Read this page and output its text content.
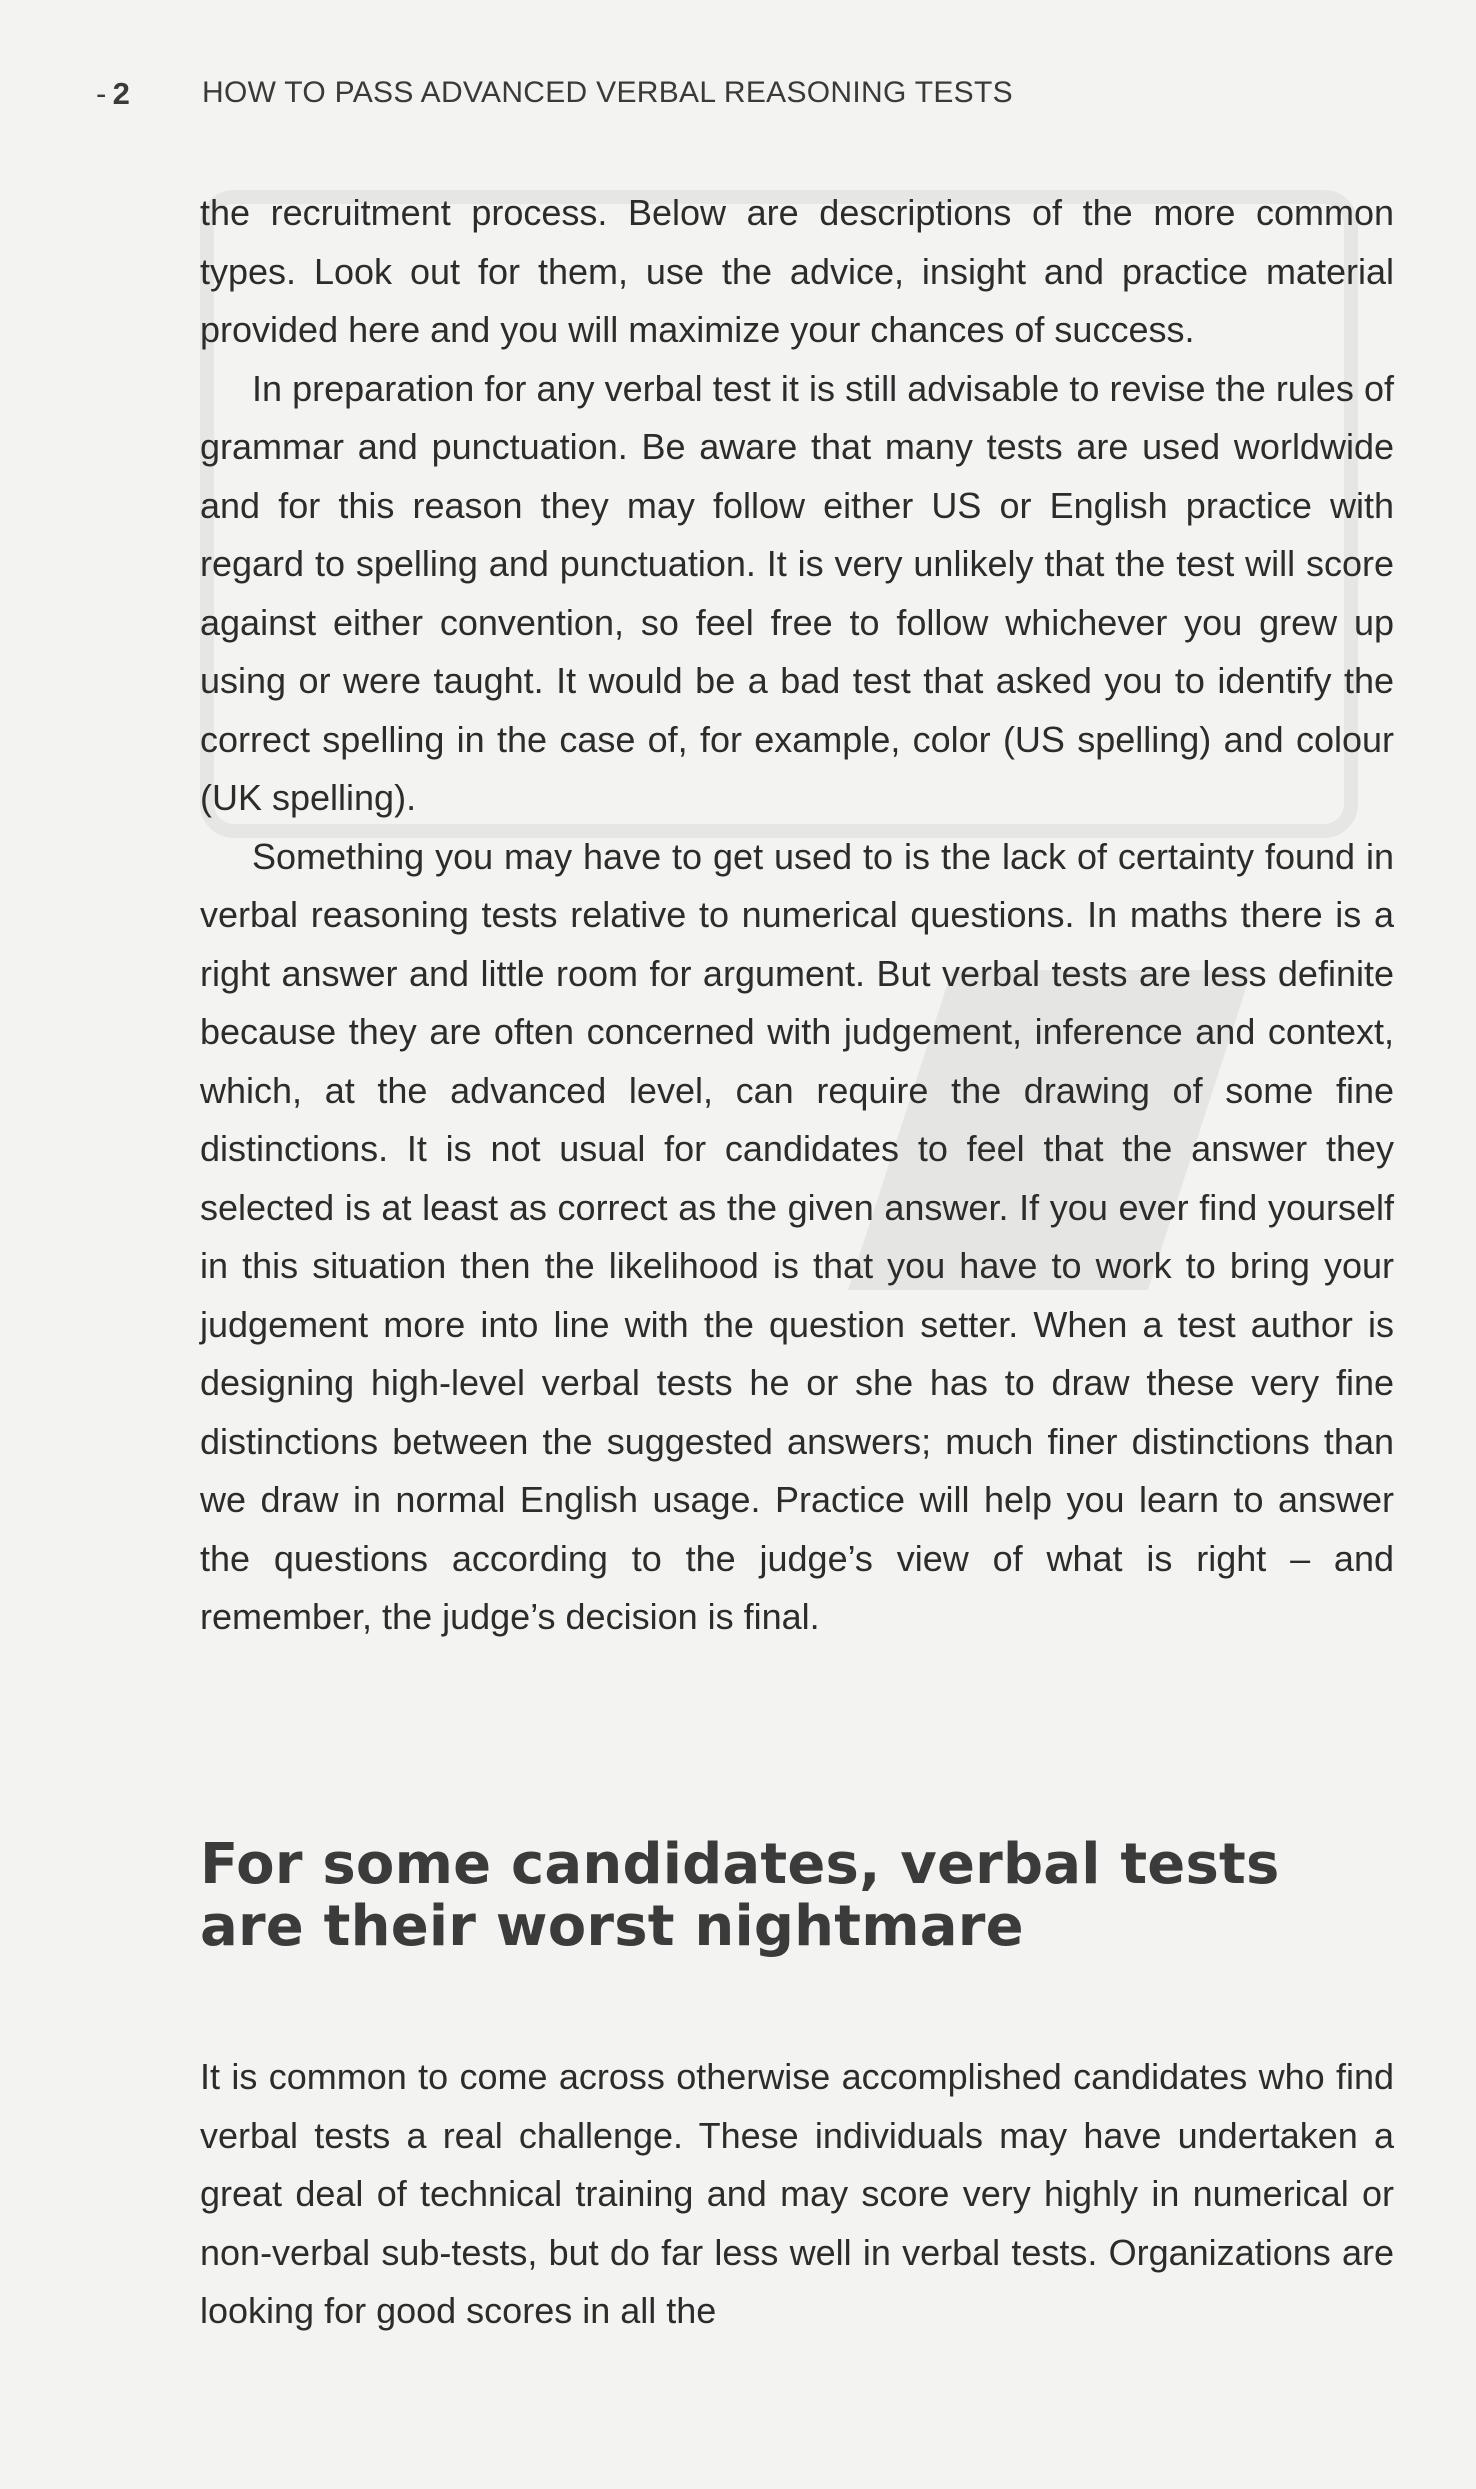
- 2 HOW TO PASS ADVANCED VERBAL REASONING TESTS

the recruitment process. Below are descriptions of the more common types. Look out for them, use the advice, insight and practice material provided here and you will maximize your chances of success.

In preparation for any verbal test it is still advisable to revise the rules of grammar and punctuation. Be aware that many tests are used worldwide and for this reason they may follow either US or English practice with regard to spelling and punctuation. It is very unlikely that the test will score against either convention, so feel free to follow whichever you grew up using or were taught. It would be a bad test that asked you to identify the correct spelling in the case of, for example, color (US spelling) and colour (UK spelling).

Something you may have to get used to is the lack of certainty found in verbal reasoning tests relative to numerical questions. In maths there is a right answer and little room for argument. But verbal tests are less definite because they are often concerned with judgement, inference and context, which, at the advanced level, can require the drawing of some fine distinctions. It is not usual for candidates to feel that the answer they selected is at least as correct as the given answer. If you ever find yourself in this situation then the likelihood is that you have to work to bring your judgement more into line with the question setter. When a test author is designing high-level verbal tests he or she has to draw these very fine distinctions between the suggested answers; much finer distinctions than we draw in normal English usage. Practice will help you learn to answer the questions according to the judge’s view of what is right – and remember, the judge’s decision is final.

For some candidates, verbal tests are their worst nightmare

It is common to come across otherwise accomplished candidates who find verbal tests a real challenge. These individuals may have undertaken a great deal of technical training and may score very highly in numerical or non-verbal sub-tests, but do far less well in verbal tests. Organizations are looking for good scores in all the
